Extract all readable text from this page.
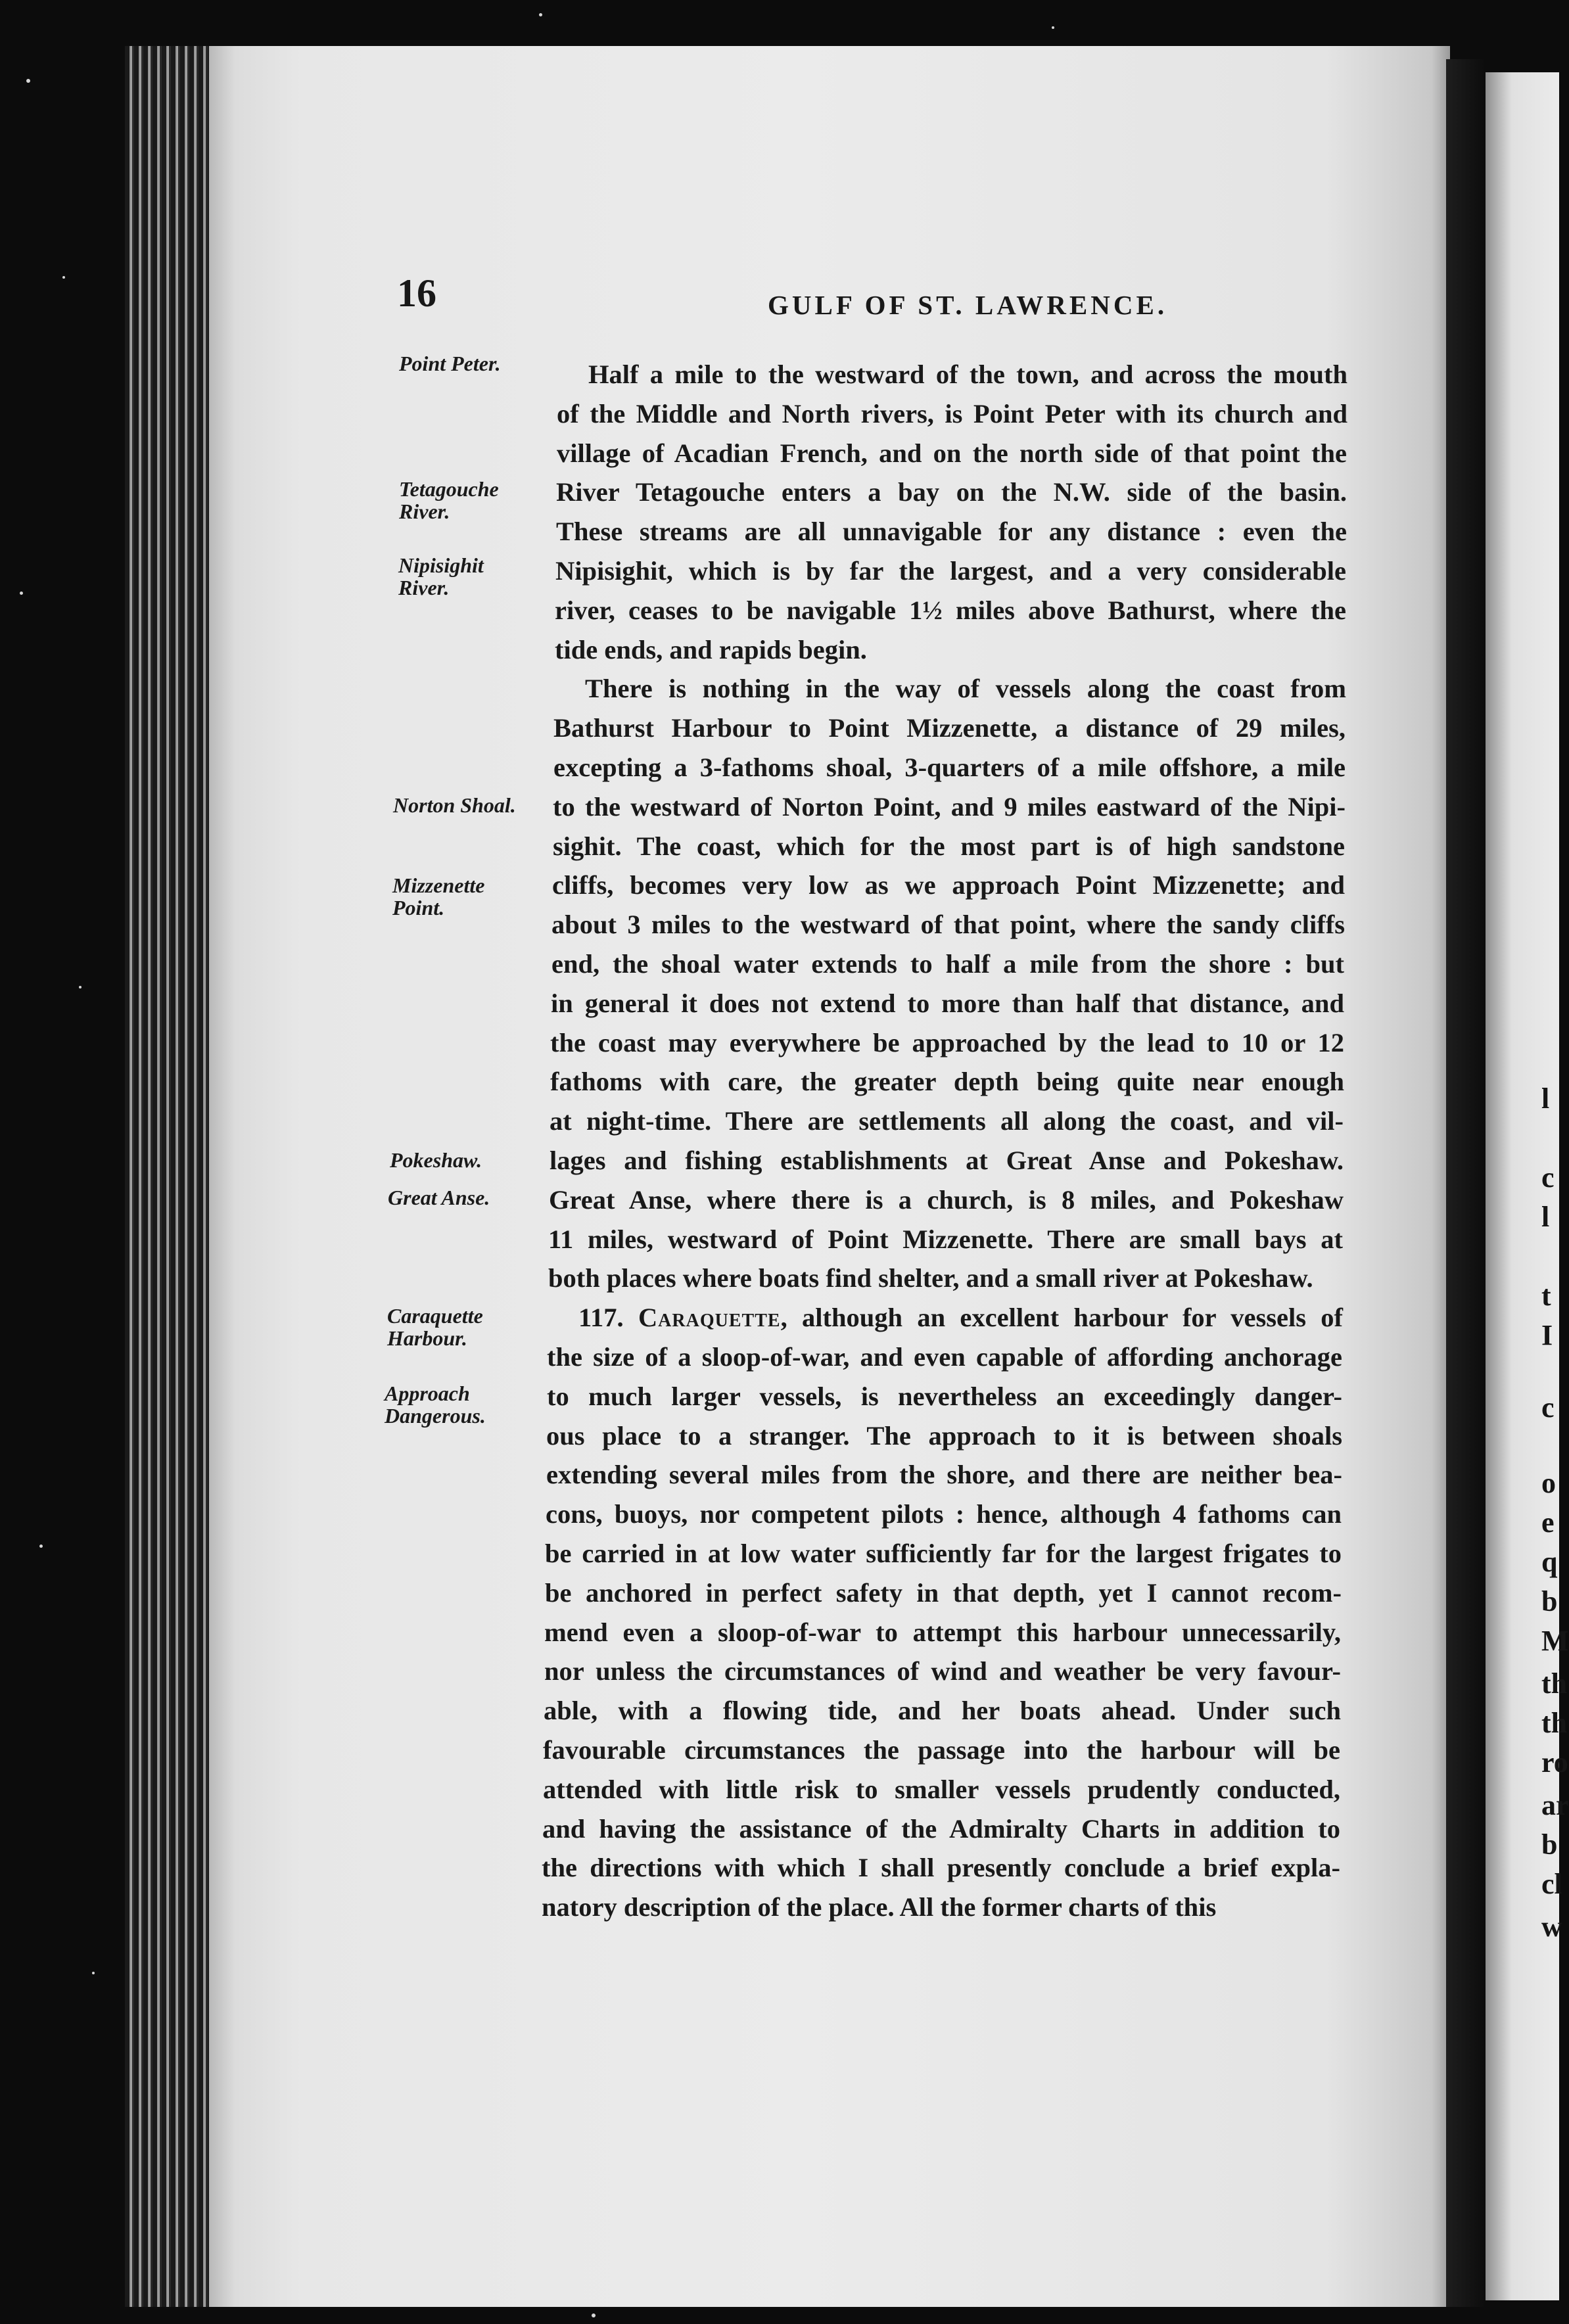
l
c
l
t
I
c
o
e
q
b
M
th
th
ro
ar
b
cl
w
16	GULF OF ST. LAWRENCE.
Point Peter.
Tetagouche
River.
Nipisighit
River.
Norton Shoal.
Mizzenette
Point.
Pokeshaw.
Great Anse.
Caraquette
Harbour.
Approach
Dangerous.
Half a mile to the westward of the town, and across the mouth
of the Middle and North rivers, is Point Peter with its church and
village of Acadian French, and on the north side of that point the
River Tetagouche enters a bay on the N.W. side of the basin.
These streams are all unnavigable for any distance : even the
Nipisighit, which is by far the largest, and a very considerable
river, ceases to be navigable 1½ miles above Bathurst, where the
tide ends, and rapids begin.
There is nothing in the way of vessels along the coast from
Bathurst Harbour to Point Mizzenette, a distance of 29 miles,
excepting a 3-fathoms shoal, 3-quarters of a mile offshore, a mile
to the westward of Norton Point, and 9 miles eastward of the Nipi-
sighit. The coast, which for the most part is of high sandstone
cliffs, becomes very low as we approach Point Mizzenette; and
about 3 miles to the westward of that point, where the sandy cliffs
end, the shoal water extends to half a mile from the shore : but
in general it does not extend to more than half that distance, and
the coast may everywhere be approached by the lead to 10 or 12
fathoms with care, the greater depth being quite near enough
at night-time. There are settlements all along the coast, and vil-
lages and fishing establishments at Great Anse and Pokeshaw.
Great Anse, where there is a church, is 8 miles, and Pokeshaw
11 miles, westward of Point Mizzenette. There are small bays at
both places where boats find shelter, and a small river at Pokeshaw.
117. Caraquette, although an excellent harbour for vessels of
the size of a sloop-of-war, and even capable of affording anchorage
to much larger vessels, is nevertheless an exceedingly danger-
ous place to a stranger. The approach to it is between shoals
extending several miles from the shore, and there are neither bea-
cons, buoys, nor competent pilots : hence, although 4 fathoms can
be carried in at low water sufficiently far for the largest frigates to
be anchored in perfect safety in that depth, yet I cannot recom-
mend even a sloop-of-war to attempt this harbour unnecessarily,
nor unless the circumstances of wind and weather be very favour-
able, with a flowing tide, and her boats ahead. Under such
favourable circumstances the passage into the harbour will be
attended with little risk to smaller vessels prudently conducted,
and having the assistance of the Admiralty Charts in addition to
the directions with which I shall presently conclude a brief expla-
natory description of the place. All the former charts of this
